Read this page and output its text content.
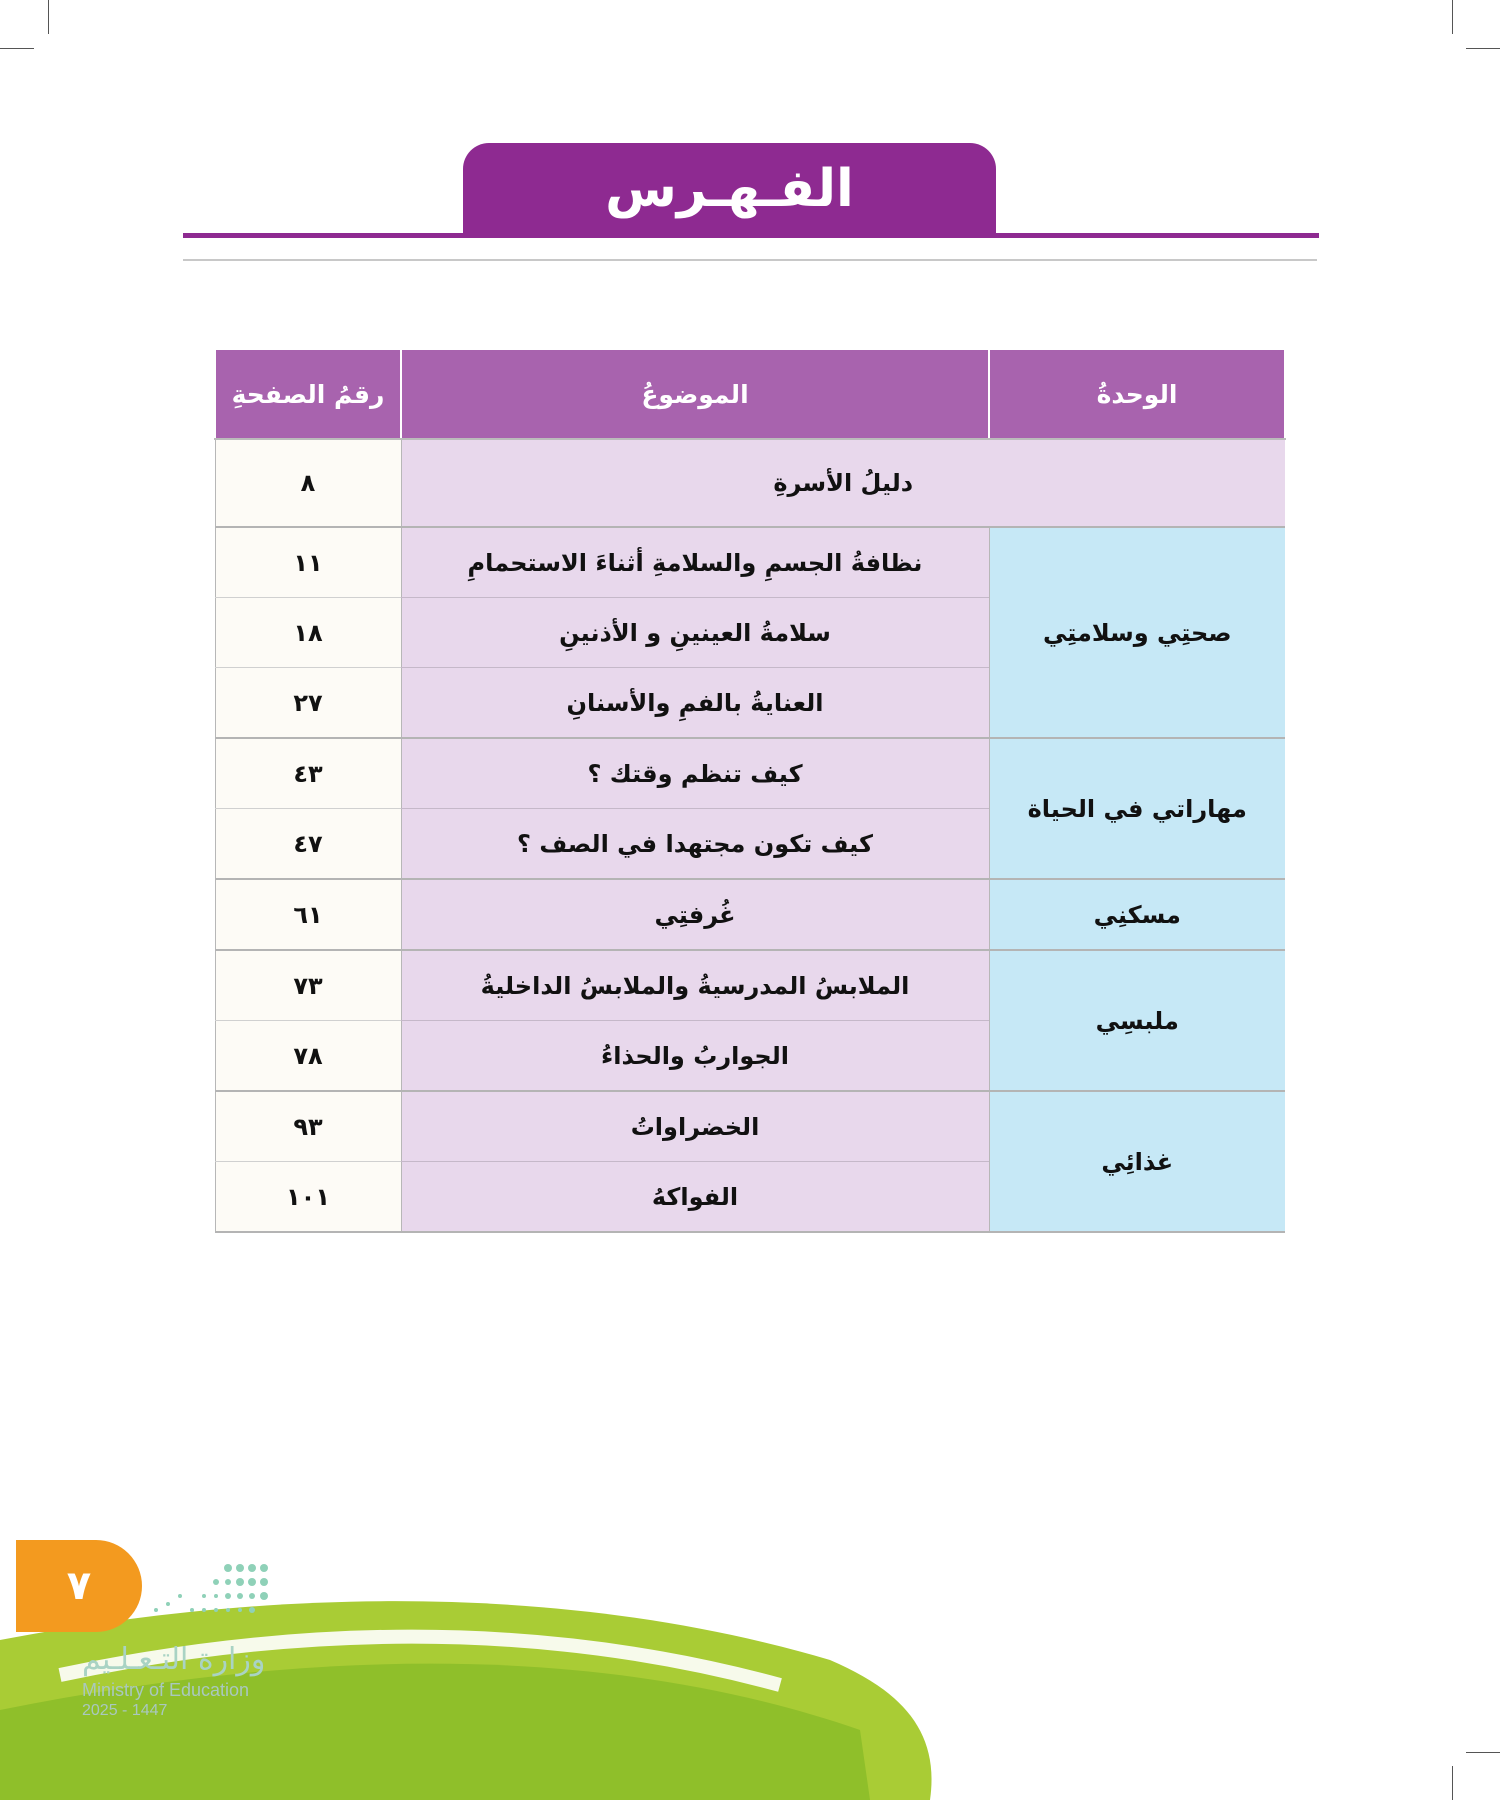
الفـهـرس
الوحدةُ	الموضوعُ	رقمُ الصفحةِ
دليلُ الأسرةِ		٨
صحتِي وسلامتِي	نظافةُ الجسمِ والسلامةِ أثناءَ الاستحمامِ	١١
	سلامةُ العينينِ و الأذنينِ	١٨
	العنايةُ بالفمِ والأسنانِ	٢٧
مهاراتي في الحياة	كيف تنظم وقتك ؟	٤٣
	كيف تكون مجتهدا في الصف ؟	٤٧
مسكنِي	غُرفتِي	٦١
ملبسِي	الملابسُ المدرسيةُ والملابسُ الداخليةُ	٧٣
	الجواربُ والحذاءُ	٧٨
غذائِي	الخضراواتُ	٩٣
	الفواكهُ	١٠١
٧
وزارة التـعـلـيم
Ministry of Education
2025 - 1447
